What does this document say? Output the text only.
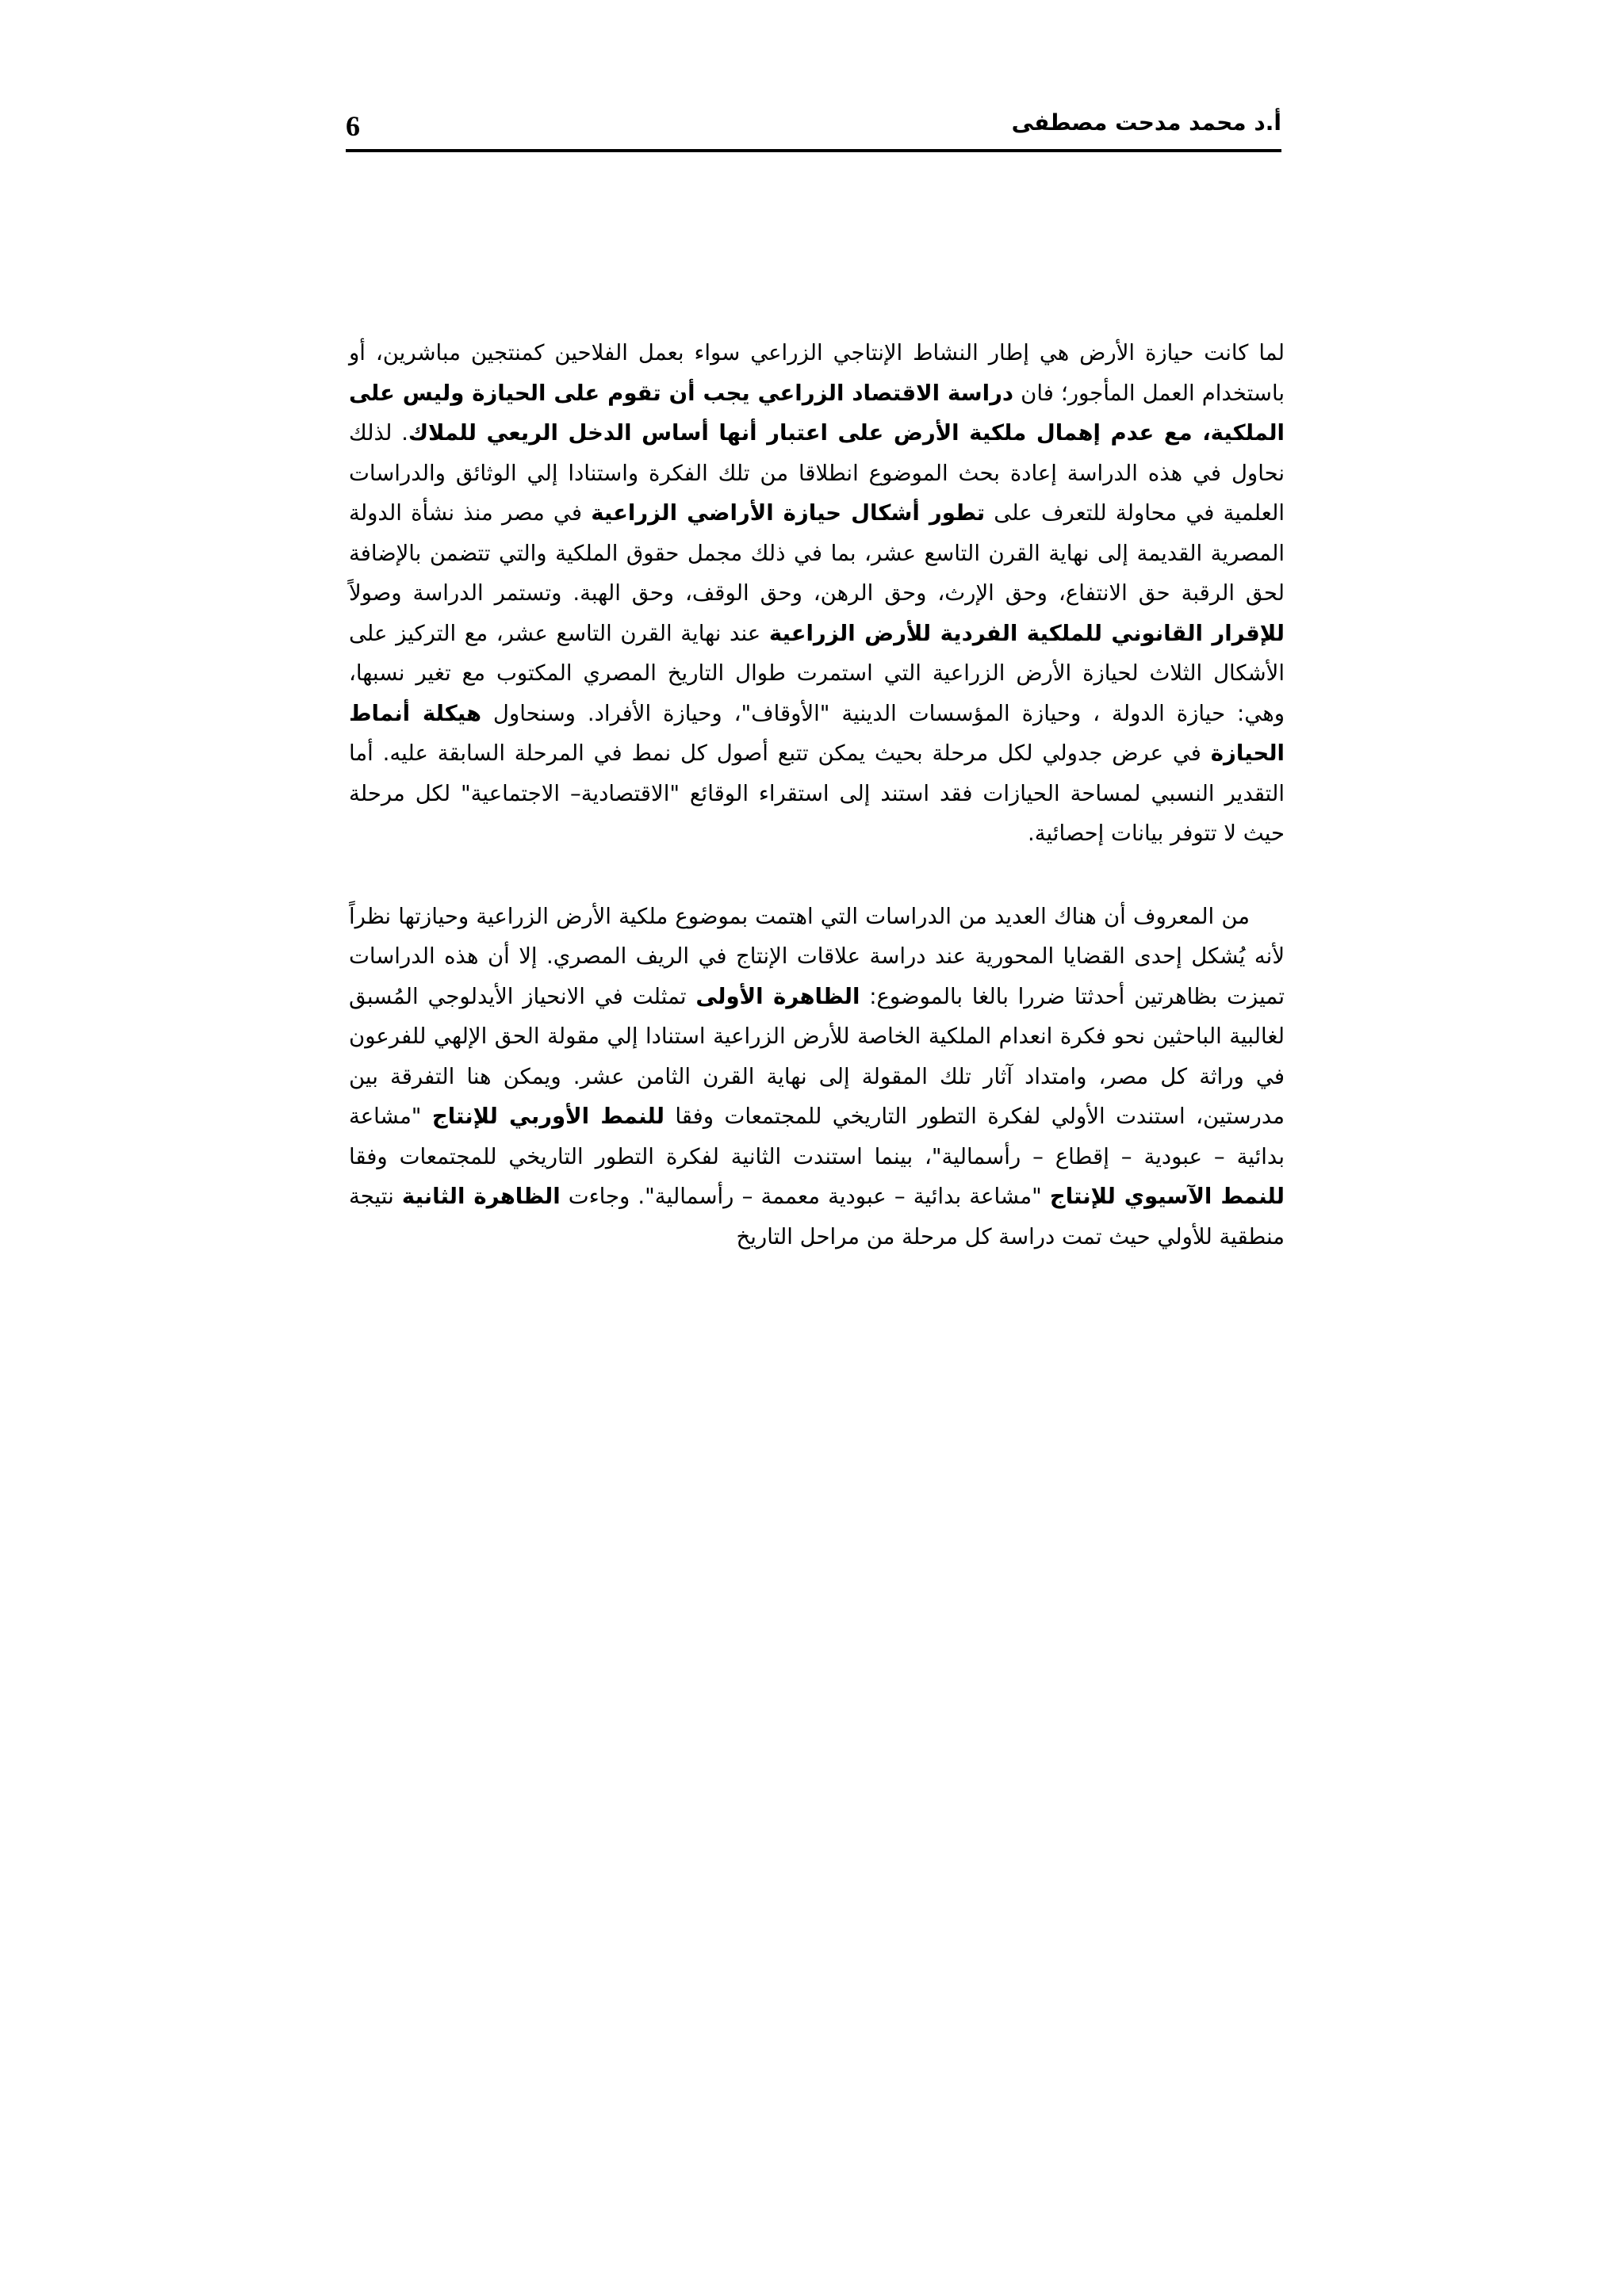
6	أ.د محمد مدحت مصطفى

لما كانت حيازة الأرض هي إطار النشاط الإنتاجي الزراعي سواء بعمل الفلاحين كمنتجين مباشرين، أو باستخدام العمل المأجور؛ فان دراسة الاقتصاد الزراعي يجب أن تقوم على الحيازة وليس على الملكية، مع عدم إهمال ملكية الأرض على اعتبار أنها أساس الدخل الريعي للملاك. لذلك نحاول في هذه الدراسة إعادة بحث الموضوع انطلاقا من تلك الفكرة واستنادا إلي الوثائق والدراسات العلمية في محاولة للتعرف على تطور أشكال حيازة الأراضي الزراعية في مصر منذ نشأة الدولة المصرية القديمة إلى نهاية القرن التاسع عشر، بما في ذلك مجمل حقوق الملكية والتي تتضمن بالإضافة لحق الرقبة حق الانتفاع، وحق الإرث، وحق الرهن، وحق الوقف، وحق الهبة. وتستمر الدراسة وصولاً للإقرار القانوني للملكية الفردية للأرض الزراعية عند نهاية القرن التاسع عشر، مع التركيز على الأشكال الثلاث لحيازة الأرض الزراعية التي استمرت طوال التاريخ المصري المكتوب مع تغير نسبها، وهي: حيازة الدولة ، وحيازة المؤسسات الدينية "الأوقاف"، وحيازة الأفراد. وسنحاول هيكلة أنماط الحيازة في عرض جدولي لكل مرحلة بحيث يمكن تتبع أصول كل نمط في المرحلة السابقة عليه. أما التقدير النسبي لمساحة الحيازات فقد استند إلى استقراء الوقائع "الاقتصادية– الاجتماعية" لكل مرحلة حيث لا تتوفر بيانات إحصائية.

من المعروف أن هناك العديد من الدراسات التي اهتمت بموضوع ملكية الأرض الزراعية وحيازتها نظراً لأنه يُشكل إحدى القضايا المحورية عند دراسة علاقات الإنتاج في الريف المصري. إلا أن هذه الدراسات تميزت بظاهرتين أحدثتا ضررا بالغا بالموضوع: الظاهرة الأولى تمثلت في الانحياز الأيدلوجي المُسبق لغالبية الباحثين نحو فكرة انعدام الملكية الخاصة للأرض الزراعية استنادا إلي مقولة الحق الإلهي للفرعون في وراثة كل مصر، وامتداد آثار تلك المقولة إلى نهاية القرن الثامن عشر. ويمكن هنا التفرقة بين مدرستين، استندت الأولي لفكرة التطور التاريخي للمجتمعات وفقا للنمط الأوربي للإنتاج "مشاعة بدائية – عبودية – إقطاع – رأسمالية"، بينما استندت الثانية لفكرة التطور التاريخي للمجتمعات وفقا للنمط الآسيوي للإنتاج "مشاعة بدائية – عبودية معممة – رأسمالية". وجاءت الظاهرة الثانية نتيجة منطقية للأولي حيث تمت دراسة كل مرحلة من مراحل التاريخ
